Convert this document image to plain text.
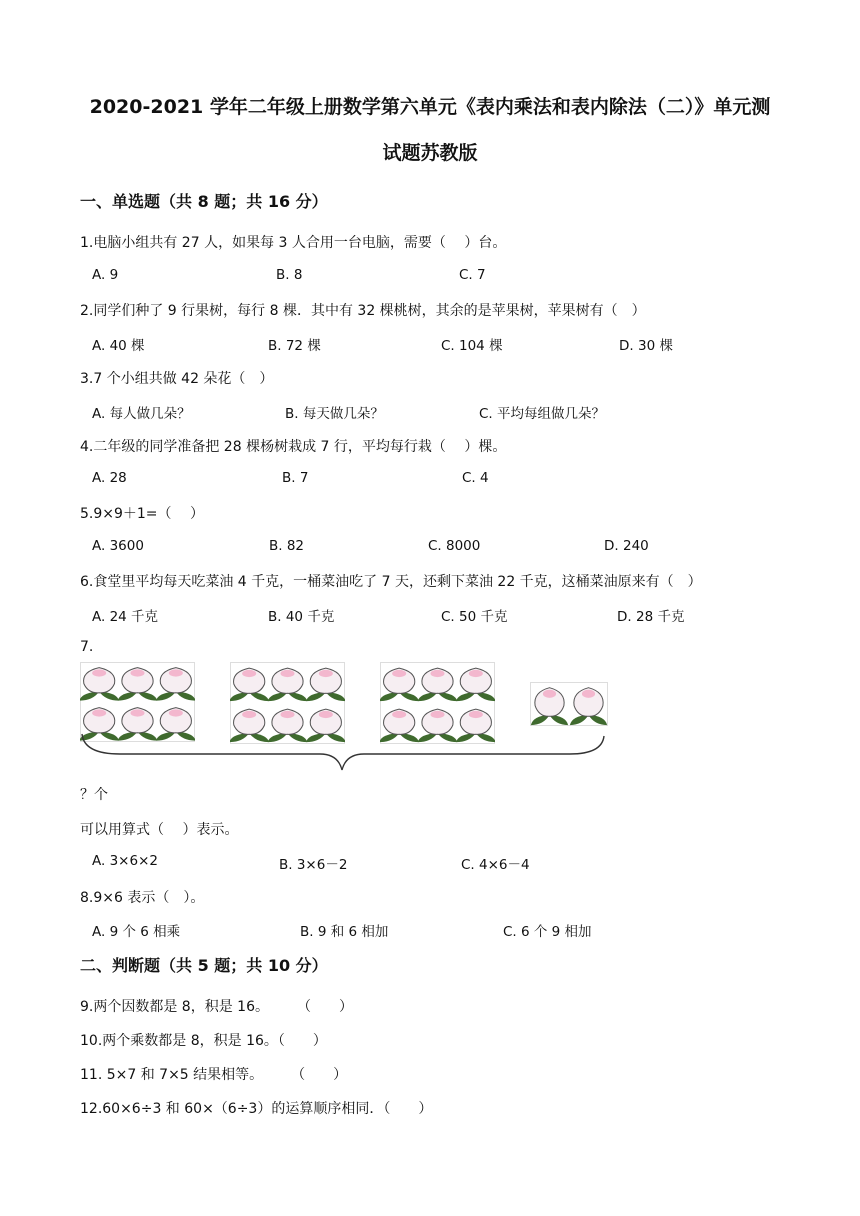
2020-2021 学年二年级上册数学第六单元《表内乘法和表内除法（二）》单元测
试题苏教版
一、单选题（共 8 题；共 16 分）
1.电脑小组共有 27 人，如果每 3 人合用一台电脑，需要（　 ）台。
A. 9	B. 8	C. 7
2.同学们种了 9 行果树，每行 8 棵．其中有 32 棵桃树，其余的是苹果树，苹果树有（　）
A. 40 棵	B. 72 棵	C. 104 棵	D. 30 棵
3.7 个小组共做 42 朵花（　）
A. 每人做几朵？	B. 每天做几朵？	C. 平均每组做几朵？
4.二年级的同学准备把 28 棵杨树栽成 7 行，平均每行栽（　 ）棵。
A. 28	B. 7	C. 4
5.9×9＋1=（　 ）
A. 3600	B. 82	C. 8000	D. 240
6.食堂里平均每天吃菜油 4 千克，一桶菜油吃了 7 天，还剩下菜油 22 千克，这桶菜油原来有（　）
A. 24 千克	B. 40 千克	C. 50 千克	D. 28 千克
7.
？个
可以用算式（　 ）表示。
A. 3×6×2	B. 3×6－2	C. 4×6－4
8.9×6 表示（　）。
A. 9 个 6 相乘	B. 9 和 6 相加	C. 6 个 9 相加
二、判断题（共 5 题；共 10 分）
9.两个因数都是 8，积是 16。　　　（　　）
10.两个乘数都是 8，积是 16。（　　）
11. 5×7 和 7×5 结果相等。　　　（　　）
12.60×6÷3 和 60×（6÷3）的运算顺序相同．（　　）
